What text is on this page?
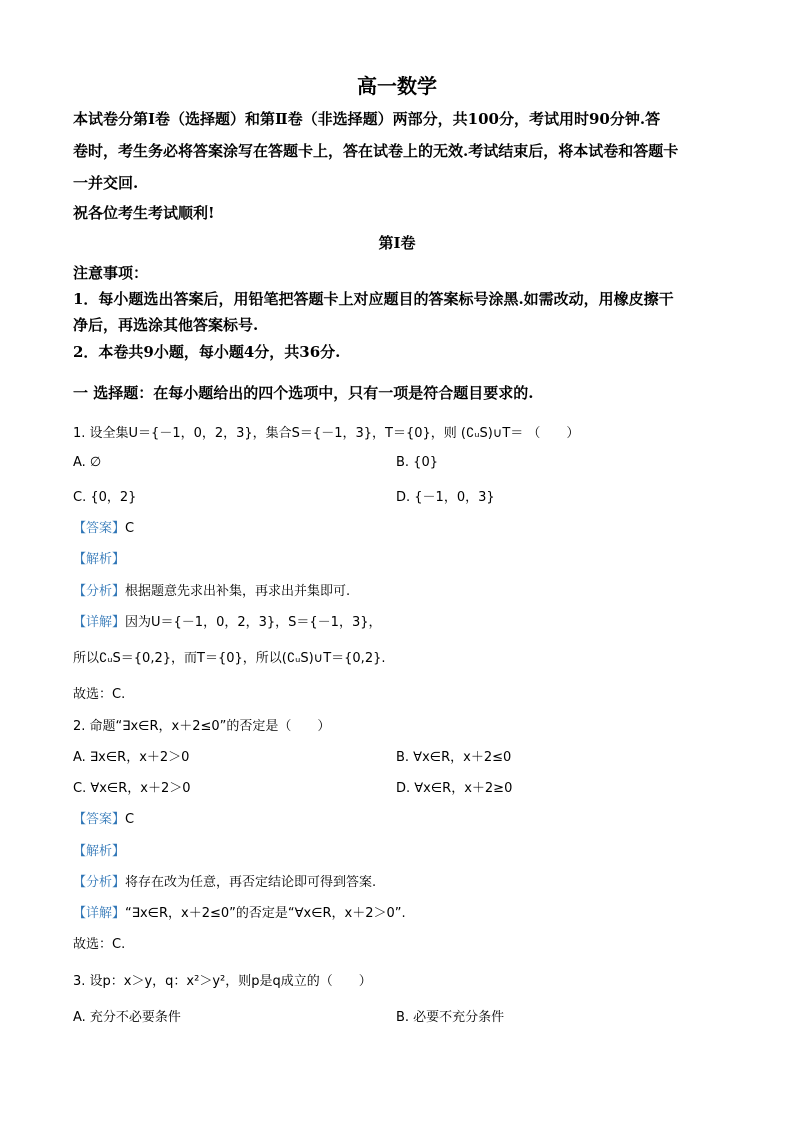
高一数学
本试卷分第Ⅰ卷（选择题）和第Ⅱ卷（非选择题）两部分，共100分，考试用时90分钟.答
卷时，考生务必将答案涂写在答题卡上，答在试卷上的无效.考试结束后，将本试卷和答题卡
一并交回.
祝各位考生考试顺利!
第Ⅰ卷
注意事项：
1．每小题选出答案后，用铅笔把答题卡上对应题目的答案标号涂黑.如需改动，用橡皮擦干
净后，再选涂其他答案标号.
2．本卷共9小题，每小题4分，共36分.
一 选择题：在每小题给出的四个选项中，只有一项是符合题目要求的.
1. 设全集U＝{－1，0，2，3}，集合S＝{－1，3}，T＝{0}，则 (∁ᵤS)∪T＝ （　　）
A. ∅	B. {0}
C. {0，2}	D. {－1，0，3}
【答案】C
【解析】
【分析】根据题意先求出补集，再求出并集即可.
【详解】因为U＝{－1，0，2，3}，S＝{－1，3}，
所以∁ᵤS＝{0,2}，而T＝{0}，所以(∁ᵤS)∪T＝{0,2}.
故选：C.
2. 命题“∃x∈R，x＋2≤0”的否定是（　　）
A. ∃x∈R，x＋2＞0	B. ∀x∈R，x＋2≤0
C. ∀x∈R，x＋2＞0	D. ∀x∈R，x＋2≥0
【答案】C
【解析】
【分析】将存在改为任意，再否定结论即可得到答案.
【详解】“∃x∈R，x＋2≤0”的否定是“∀x∈R，x＋2＞0”.
故选：C.
3. 设p：x＞y，q：x²＞y²，则p是q成立的（　　）
A. 充分不必要条件	B. 必要不充分条件
